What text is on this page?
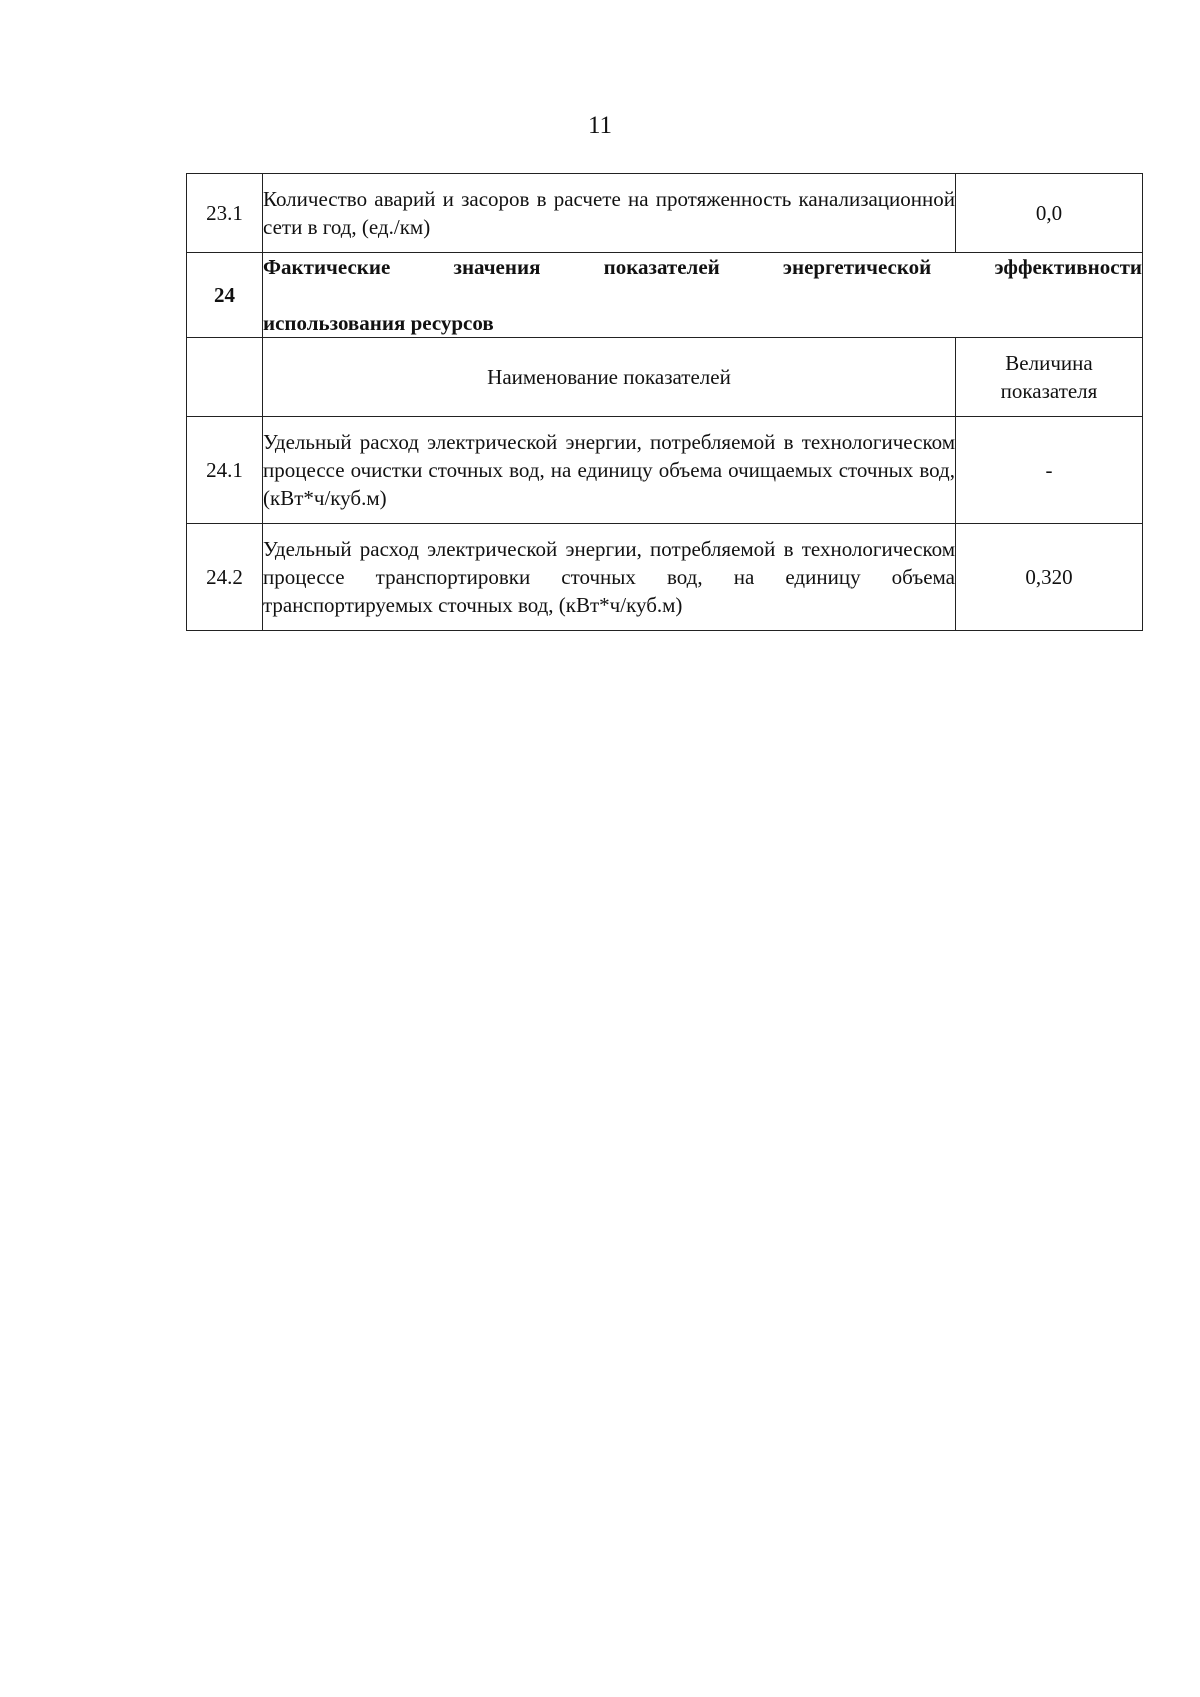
11
23.1	Количество аварий и засоров в расчете на протяженность канализационной сети в год, (ед./км)	0,0
24	Фактические значения показателей энергетической эффективности
использования ресурсов	
	Наименование показателей	Величина
показателя

24.1	Удельный расход электрической энергии, потребляемой в технологическом процессе очистки сточных вод, на единицу объема очищаемых сточных вод, (кВт*ч/куб.м)	-
24.2	Удельный расход электрической энергии, потребляемой в технологическом процессе транспортировки сточных вод, на единицу объема транспортируемых сточных вод, (кВт*ч/куб.м)	0,320
